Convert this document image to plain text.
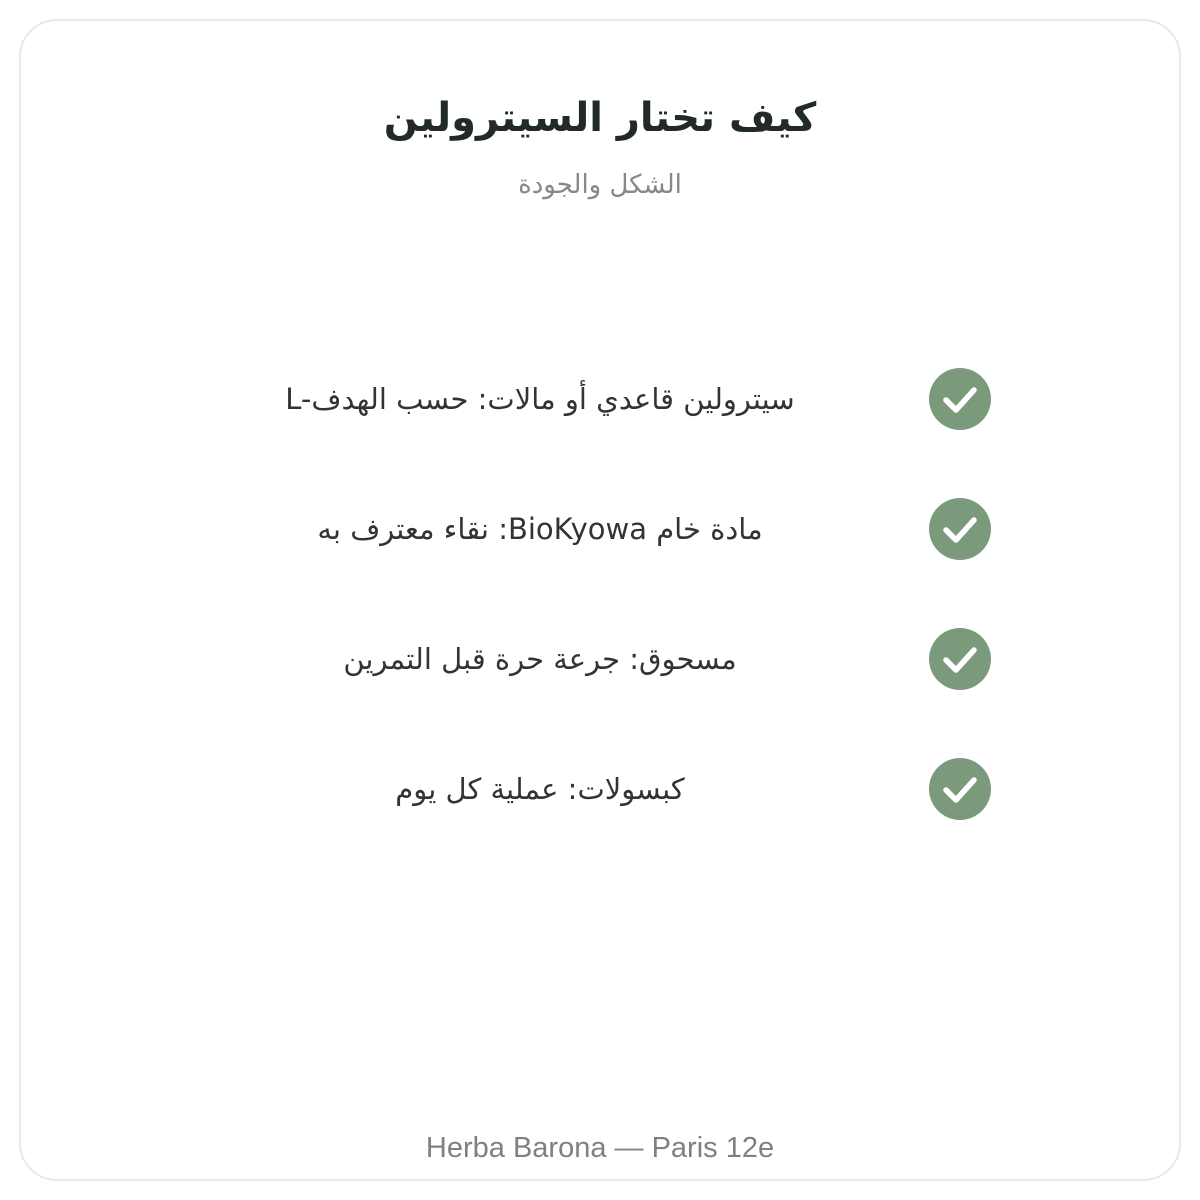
كيف تختار السيترولين
الشكل والجودة
L-سيترولين قاعدي أو مالات: حسب الهدف
مادة خام BioKyowa: نقاء معترف به
مسحوق: جرعة حرة قبل التمرين
كبسولات: عملية كل يوم
Herba Barona — Paris 12e
